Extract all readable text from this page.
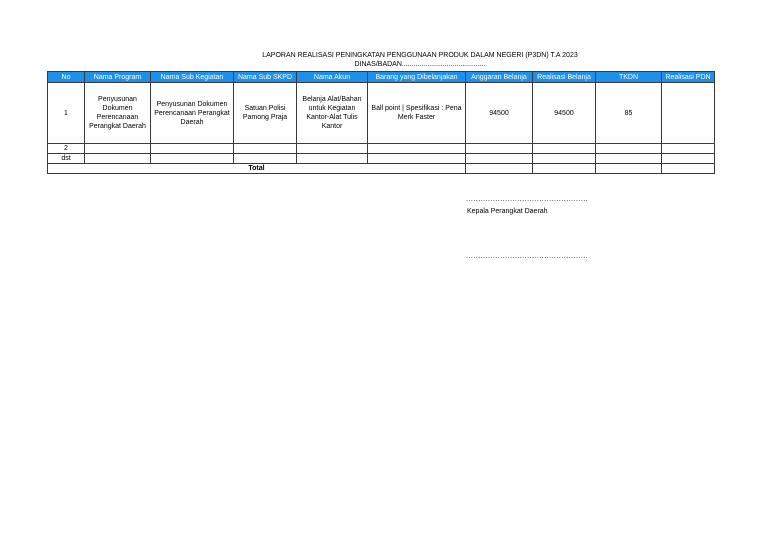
LAPORAN REALISASI PENINGKATAN PENGGUNAAN PRODUK DALAM NEGERI (P3DN) T.A 2023
DINAS/BADAN...........................................
No	Nama Program	Nama Sub Kegiatan	Nama Sub SKPD	Nama Akun	Barang yang Dibelanjakan	Anggaran Belanja	Realisasi Belanja	TKDN	Realisasi PDN
1	Penyusunan Dokumen Perencanaan Perangkat Daerah	Penyusunan Dokumen Perencanaan Perangkat Daerah	Satuan Polisi Pamong Praja	Belanja Alat/Bahan untuk Kegiatan Kantor-Alat Tulis Kantor	Ball point | Spesifikasi : Pena Merk Faster	94500	94500	85	
2									
dst									
Total									
..................................................
Kepala Perangkat Daerah
..................................................
